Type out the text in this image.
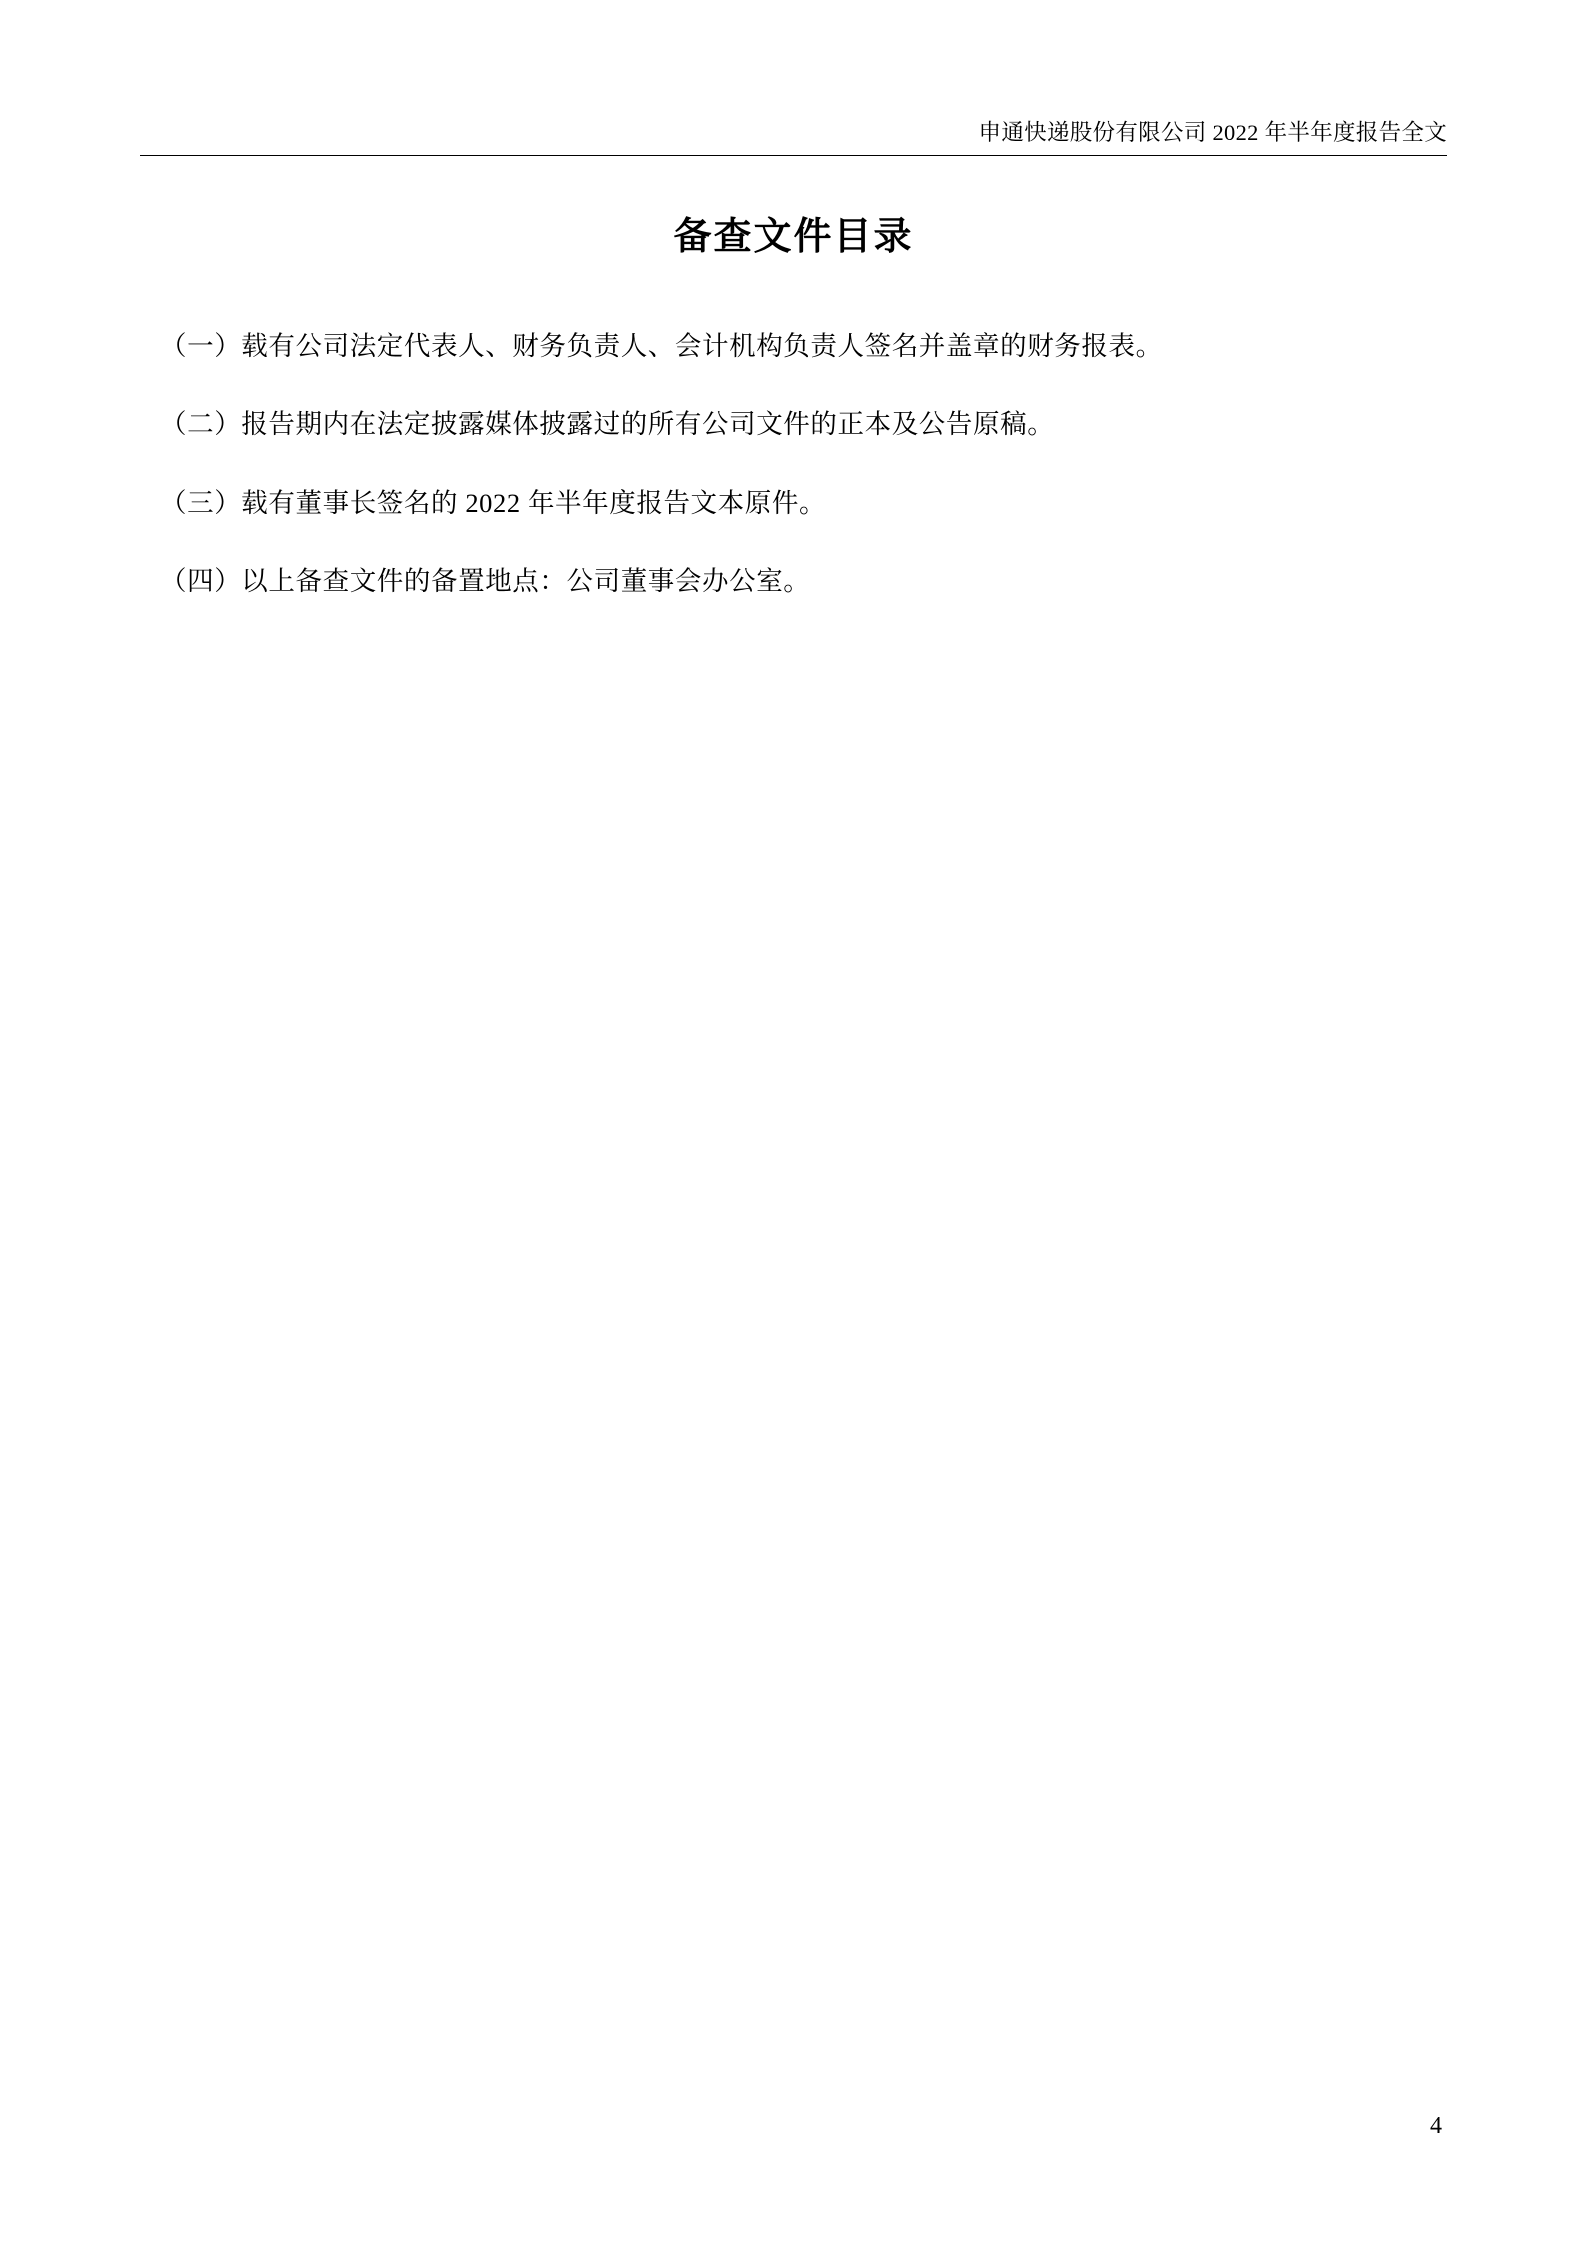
申通快递股份有限公司 2022 年半年度报告全文
备查文件目录

（一）载有公司法定代表人、财务负责人、会计机构负责人签名并盖章的财务报表。

（二）报告期内在法定披露媒体披露过的所有公司文件的正本及公告原稿。

（三）载有董事长签名的 2022 年半年度报告文本原件。

（四）以上备查文件的备置地点：公司董事会办公室。

4
